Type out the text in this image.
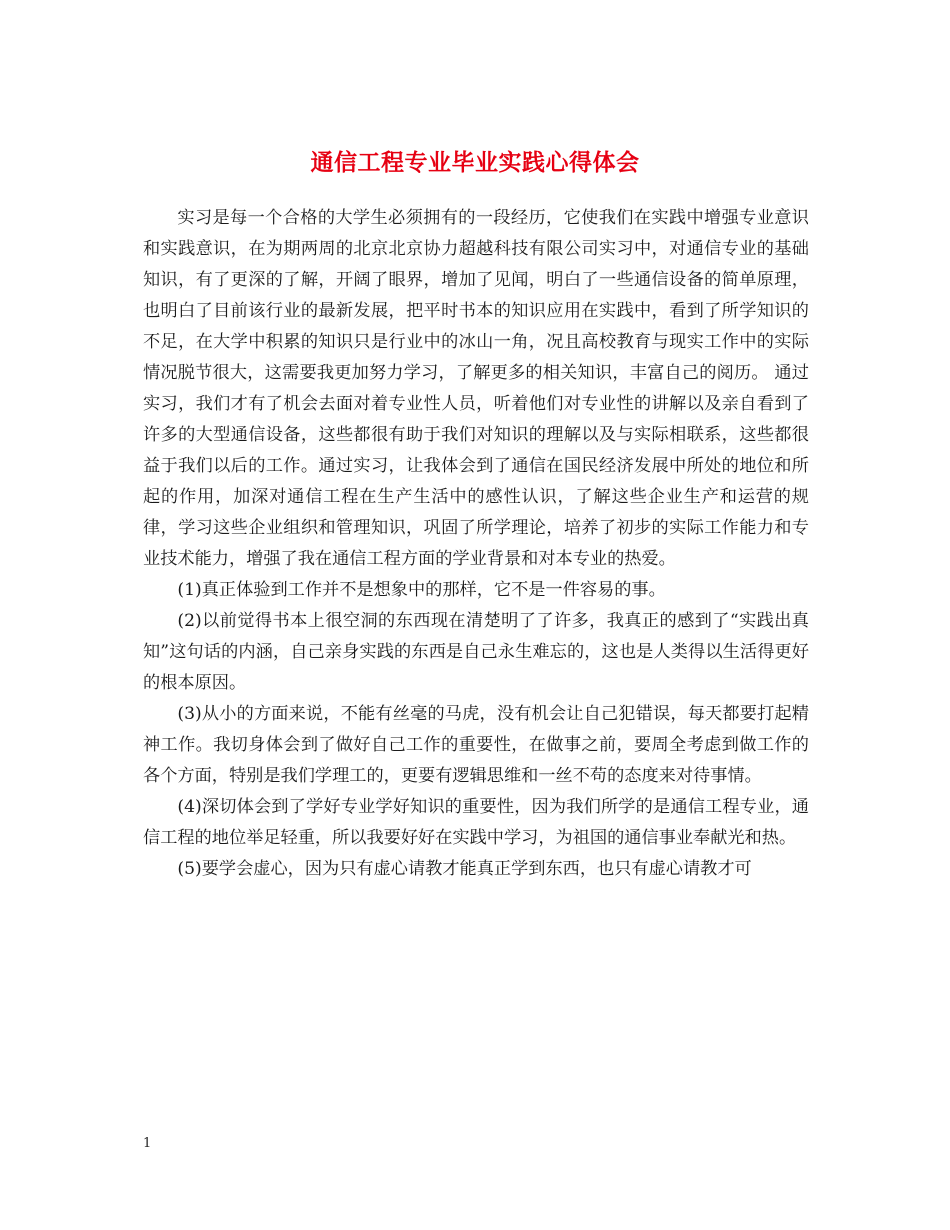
通信工程专业毕业实践心得体会

实习是每一个合格的大学生必须拥有的一段经历，它使我们在实践中增强专业意识和实践意识，在为期两周的北京北京协力超越科技有限公司实习中，对通信专业的基础知识，有了更深的了解，开阔了眼界，增加了见闻，明白了一些通信设备的简单原理，也明白了目前该行业的最新发展，把平时书本的知识应用在实践中，看到了所学知识的不足，在大学中积累的知识只是行业中的冰山一角，况且高校教育与现实工作中的实际情况脱节很大，这需要我更加努力学习，了解更多的相关知识，丰富自己的阅历。 通过实习，我们才有了机会去面对着专业性人员，听着他们对专业性的讲解以及亲自看到了许多的大型通信设备，这些都很有助于我们对知识的理解以及与实际相联系，这些都很益于我们以后的工作。通过实习，让我体会到了通信在国民经济发展中所处的地位和所起的作用，加深对通信工程在生产生活中的感性认识，了解这些企业生产和运营的规律，学习这些企业组织和管理知识，巩固了所学理论，培养了初步的实际工作能力和专业技术能力，增强了我在通信工程方面的学业背景和对本专业的热爱。

(1)真正体验到工作并不是想象中的那样，它不是一件容易的事。

(2)以前觉得书本上很空洞的东西现在清楚明了了许多，我真正的感到了“实践出真知”这句话的内涵，自己亲身实践的东西是自己永生难忘的，这也是人类得以生活得更好的根本原因。

(3)从小的方面来说，不能有丝毫的马虎，没有机会让自己犯错误，每天都要打起精神工作。我切身体会到了做好自己工作的重要性，在做事之前，要周全考虑到做工作的各个方面，特别是我们学理工的，更要有逻辑思维和一丝不苟的态度来对待事情。

(4)深切体会到了学好专业学好知识的重要性，因为我们所学的是通信工程专业，通信工程的地位举足轻重，所以我要好好在实践中学习，为祖国的通信事业奉献光和热。

(5)要学会虚心，因为只有虚心请教才能真正学到东西，也只有虚心请教才可

1
